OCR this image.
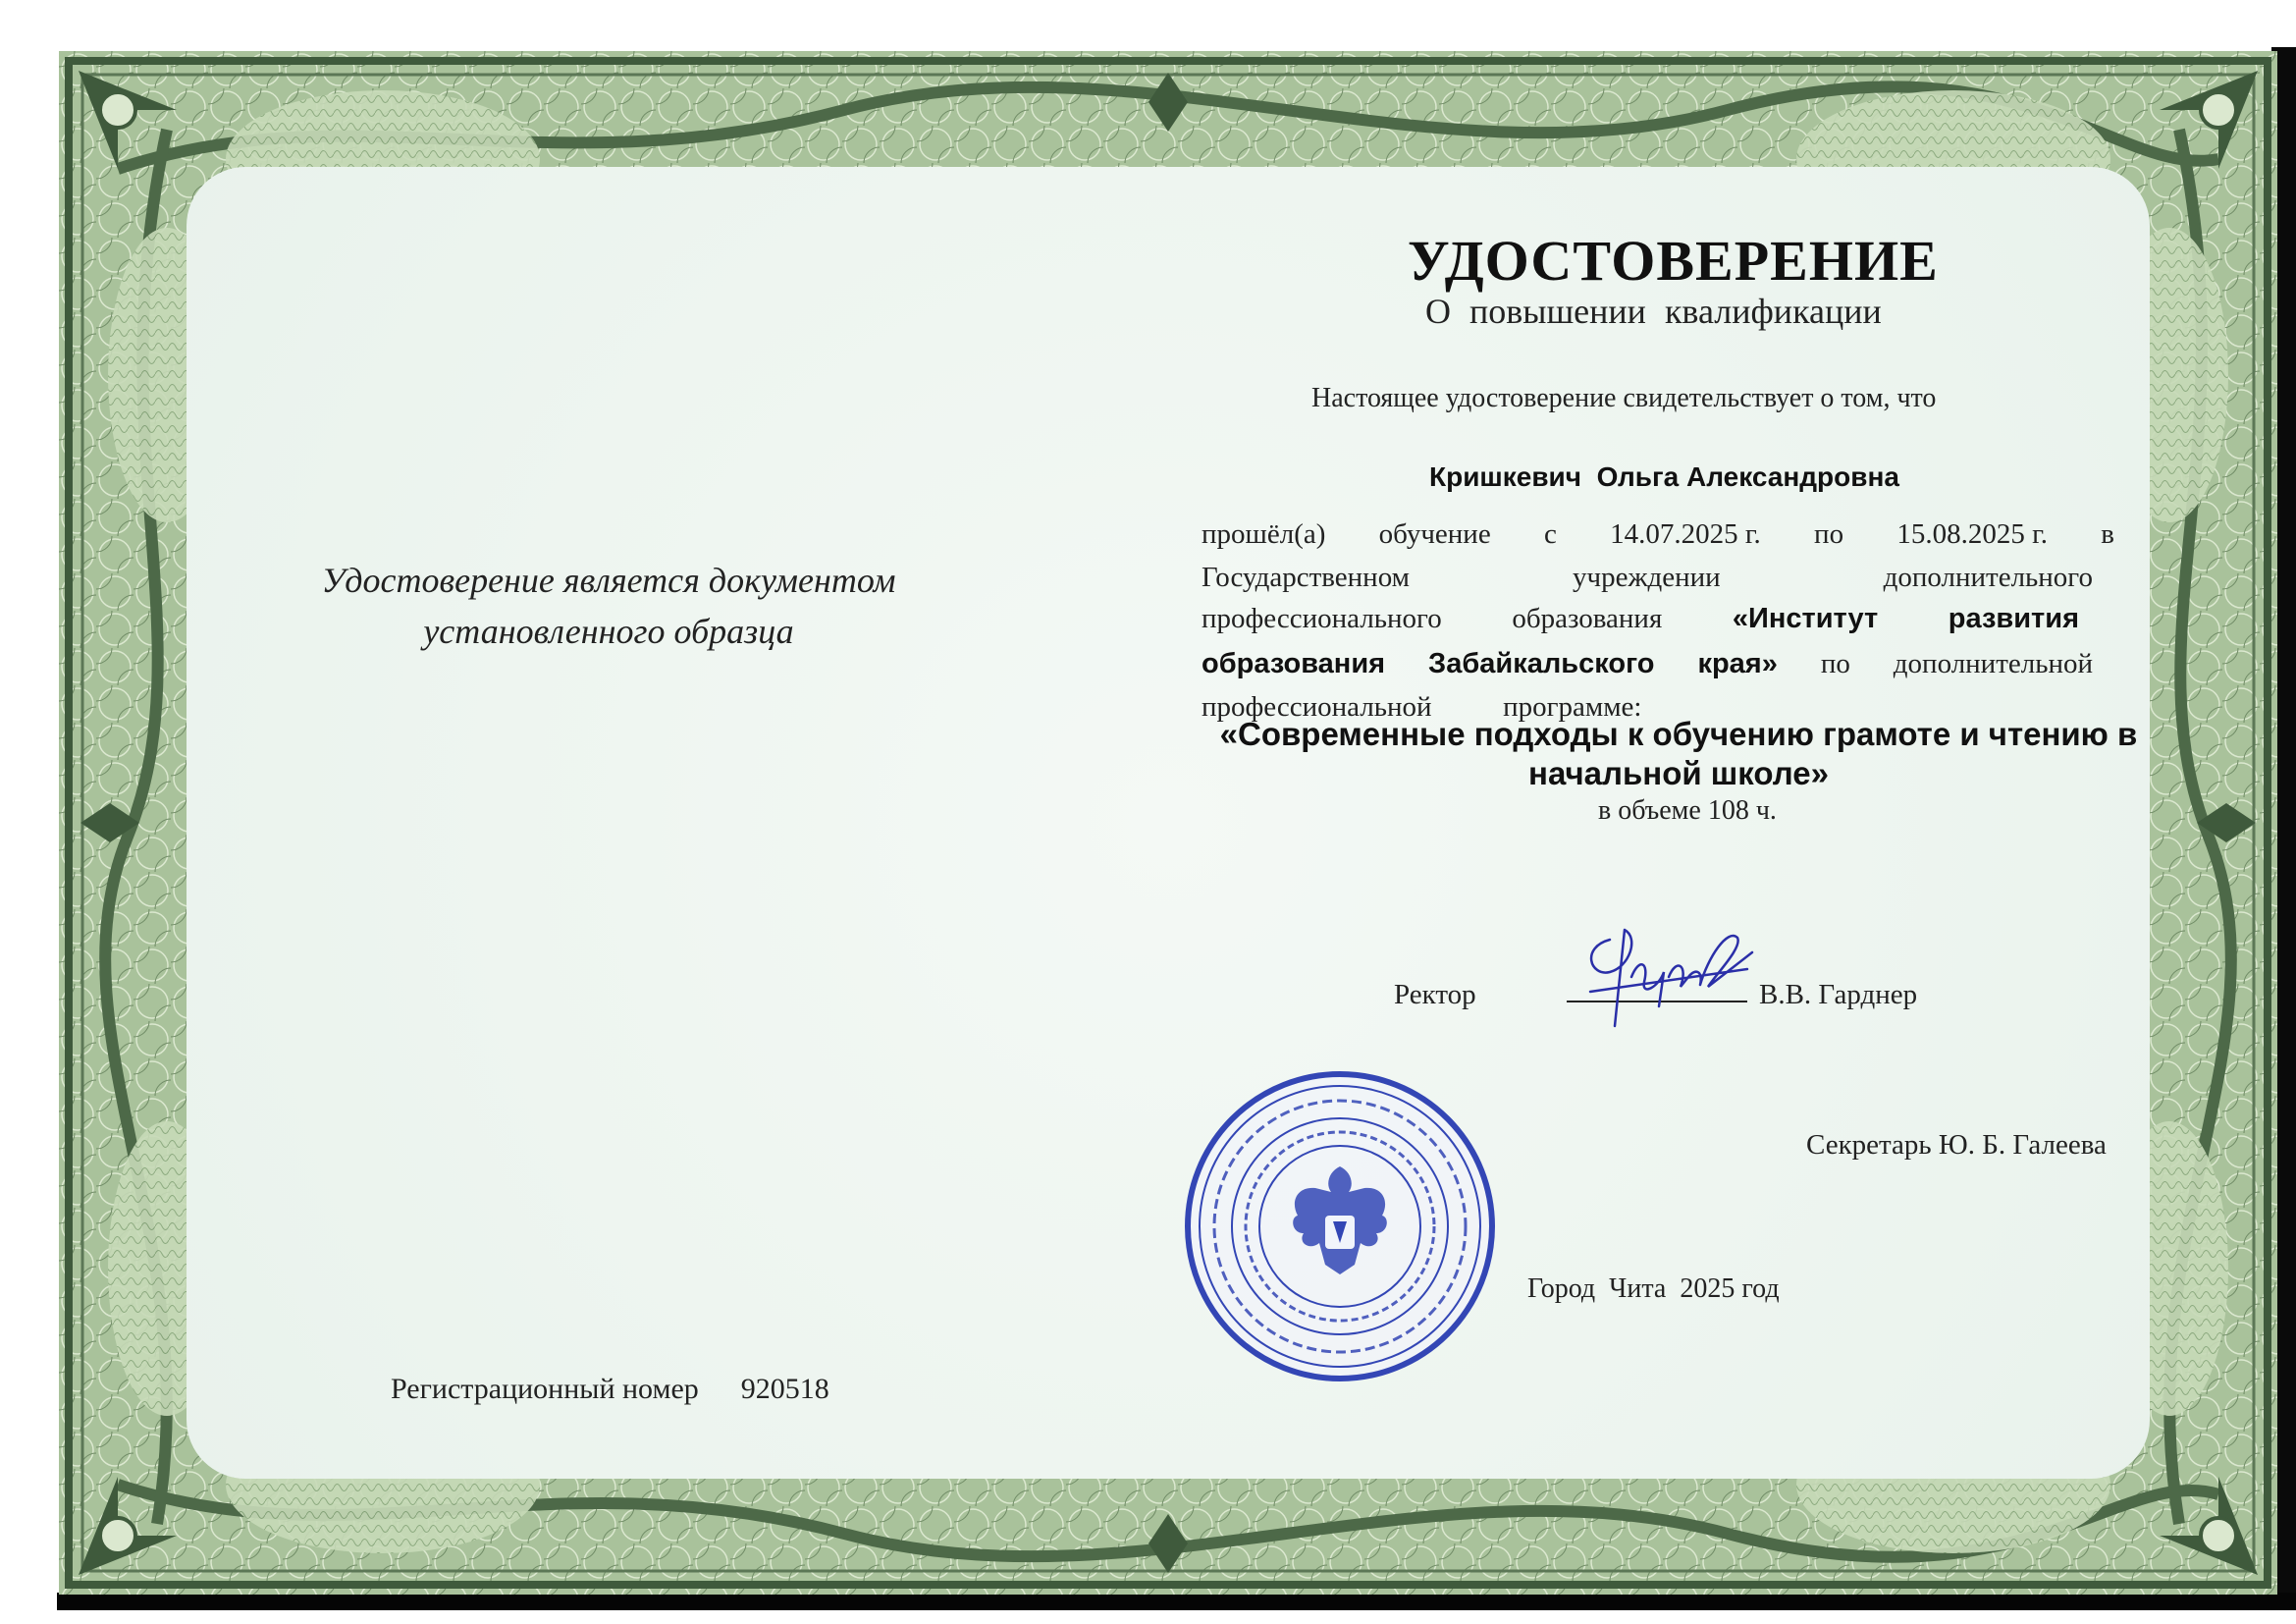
Удостоверение является документом
установленного образца
Регистрационный номер 920518
УДОСТОВЕРЕНИЕ
О повышении квалификации
Настоящее удостоверение свидетельствует о том, что
Кришкевич  Ольга Александровна
прошёл(а) обучение с 14.07.2025 г. по 15.08.2025 г. в
Государственном	учреждении	дополнительного
профессионального образования «Институт развития
образования Забайкальского края» по дополнительной
профессиональной	программе:
«Современные подходы к обучению грамоте и чтению в
начальной школе»
в объеме 108 ч.
Ректор	В.В. Гарднер
Секретарь Ю. Б. Галеева
Город  Чита  2025 год
